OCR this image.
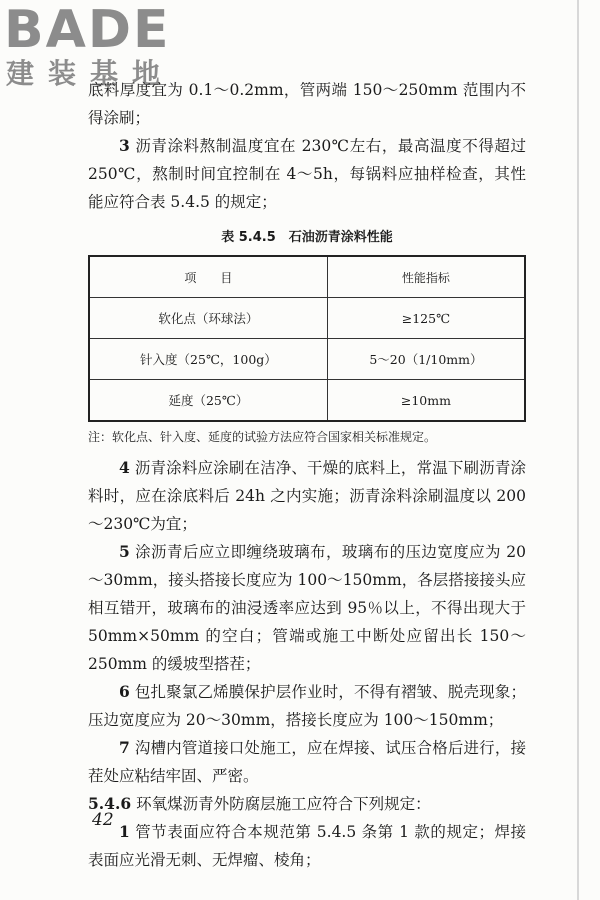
BADE
建装基地

底料厚度宜为 0.1～0.2mm，管两端 150～250mm 范围内不得涂刷；

3 沥青涂料熬制温度宜在 230℃左右，最高温度不得超过 250℃，熬制时间宜控制在 4～5h，每锅料应抽样检查，其性能应符合表 5.4.5 的规定；

表 5.4.5　石油沥青涂料性能
项　　目	性能指标
软化点（环球法）	≥125℃
针入度（25℃，100g）	5～20（1/10mm）
延度（25℃）	≥10mm

注：软化点、针入度、延度的试验方法应符合国家相关标准规定。

4 沥青涂料应涂刷在洁净、干燥的底料上，常温下刷沥青涂料时，应在涂底料后 24h 之内实施；沥青涂料涂刷温度以 200～230℃为宜；

5 涂沥青后应立即缠绕玻璃布，玻璃布的压边宽度应为 20～30mm，接头搭接长度应为 100～150mm，各层搭接接头应相互错开，玻璃布的油浸透率应达到 95％以上，不得出现大于 50mm×50mm 的空白；管端或施工中断处应留出长 150～250mm 的缓坡型搭茬；

6 包扎聚氯乙烯膜保护层作业时，不得有褶皱、脱壳现象；压边宽度应为 20～30mm，搭接长度应为 100～150mm；

7 沟槽内管道接口处施工，应在焊接、试压合格后进行，接茬处应粘结牢固、严密。

5.4.6 环氧煤沥青外防腐层施工应符合下列规定：

1 管节表面应符合本规范第 5.4.5 条第 1 款的规定；焊接表面应光滑无刺、无焊瘤、棱角；

42
